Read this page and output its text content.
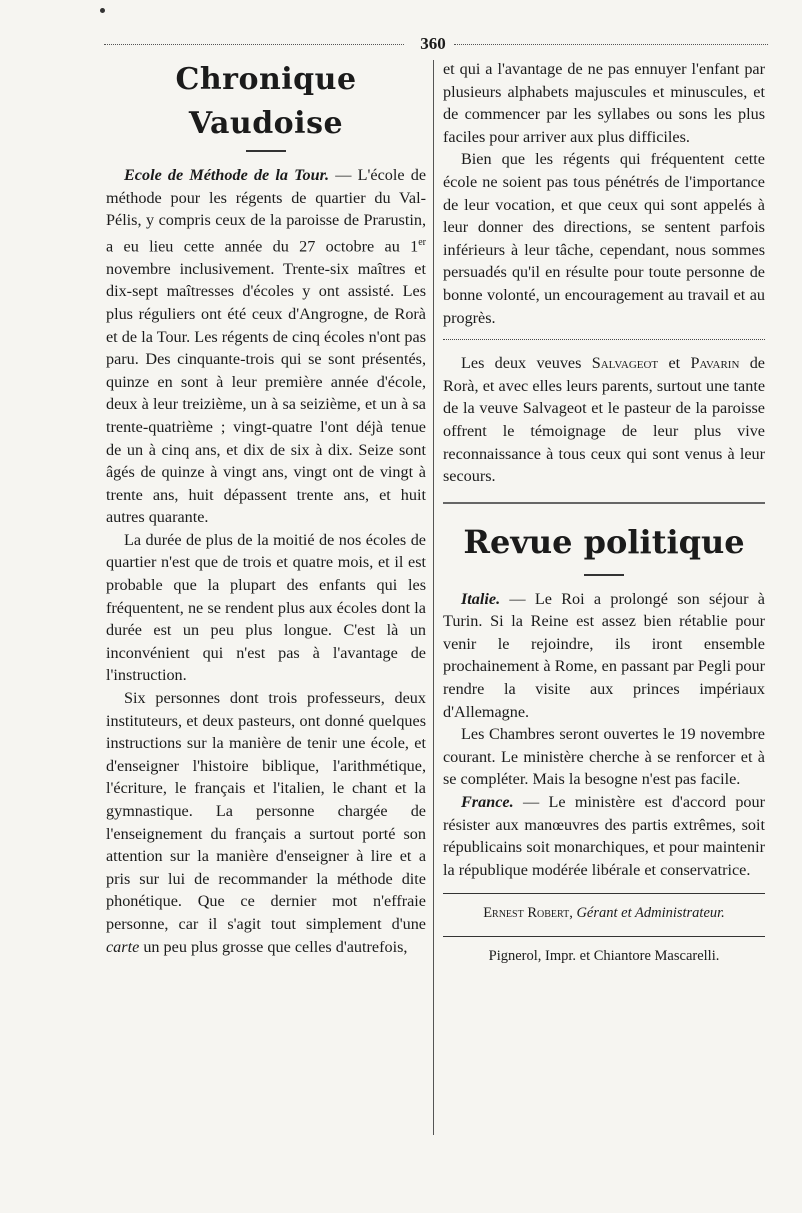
360
Chronique Vaudoise

Ecole de Méthode de la Tour. — L'école de méthode pour les régents de quartier du Val-Pélis, y compris ceux de la paroisse de Prarustin, a eu lieu cette année du 27 octobre au 1er novembre inclusivement. Trente-six maîtres et dix-sept maîtresses d'écoles y ont assisté. Les plus réguliers ont été ceux d'Angrogne, de Rorà et de la Tour. Les régents de cinq écoles n'ont pas paru. Des cinquante-trois qui se sont présentés, quinze en sont à leur première année d'école, deux à leur treizième, un à sa seizième, et un à sa trente-quatrième ; vingt-quatre l'ont déjà tenue de un à cinq ans, et dix de six à dix. Seize sont âgés de quinze à vingt ans, vingt ont de vingt à trente ans, huit dépassent trente ans, et huit autres quarante.

La durée de plus de la moitié de nos écoles de quartier n'est que de trois et quatre mois, et il est probable que la plupart des enfants qui les fréquentent, ne se rendent plus aux écoles dont la durée est un peu plus longue. C'est là un inconvénient qui n'est pas à l'avantage de l'instruction.

Six personnes dont trois professeurs, deux instituteurs, et deux pasteurs, ont donné quelques instructions sur la manière de tenir une école, et d'enseigner l'histoire biblique, l'arithmétique, l'écriture, le français et l'italien, le chant et la gymnastique. La personne chargée de l'enseignement du français a surtout porté son attention sur la manière d'enseigner à lire et a pris sur lui de recommander la méthode dite phonétique. Que ce dernier mot n'effraie personne, car il s'agit tout simplement d'une carte un peu plus grosse que celles d'autrefois,

et qui a l'avantage de ne pas ennuyer l'enfant par plusieurs alphabets majuscules et minuscules, et de commencer par les syllabes ou sons les plus faciles pour arriver aux plus difficiles.

Bien que les régents qui fréquentent cette école ne soient pas tous pénétrés de l'importance de leur vocation, et que ceux qui sont appelés à leur donner des directions, se sentent parfois inférieurs à leur tâche, cependant, nous sommes persuadés qu'il en résulte pour toute personne de bonne volonté, un encouragement au travail et au progrès.

Les deux veuves Salvageot et Pavarin de Rorà, et avec elles leurs parents, surtout une tante de la veuve Salvageot et le pasteur de la paroisse offrent le témoignage de leur plus vive reconnaissance à tous ceux qui sont venus à leur secours.

Revue politique

Italie. — Le Roi a prolongé son séjour à Turin. Si la Reine est assez bien rétablie pour venir le rejoindre, ils iront ensemble prochainement à Rome, en passant par Pegli pour rendre la visite aux princes impériaux d'Allemagne.

Les Chambres seront ouvertes le 19 novembre courant. Le ministère cherche à se renforcer et à se compléter. Mais la besogne n'est pas facile.

France. — Le ministère est d'accord pour résister aux manœuvres des partis extrêmes, soit républicains soit monarchiques, et pour maintenir la république modérée libérale et conservatrice.

Ernest Robert, Gérant et Administrateur.

Pignerol, Impr. et Chiantore Mascarelli.
